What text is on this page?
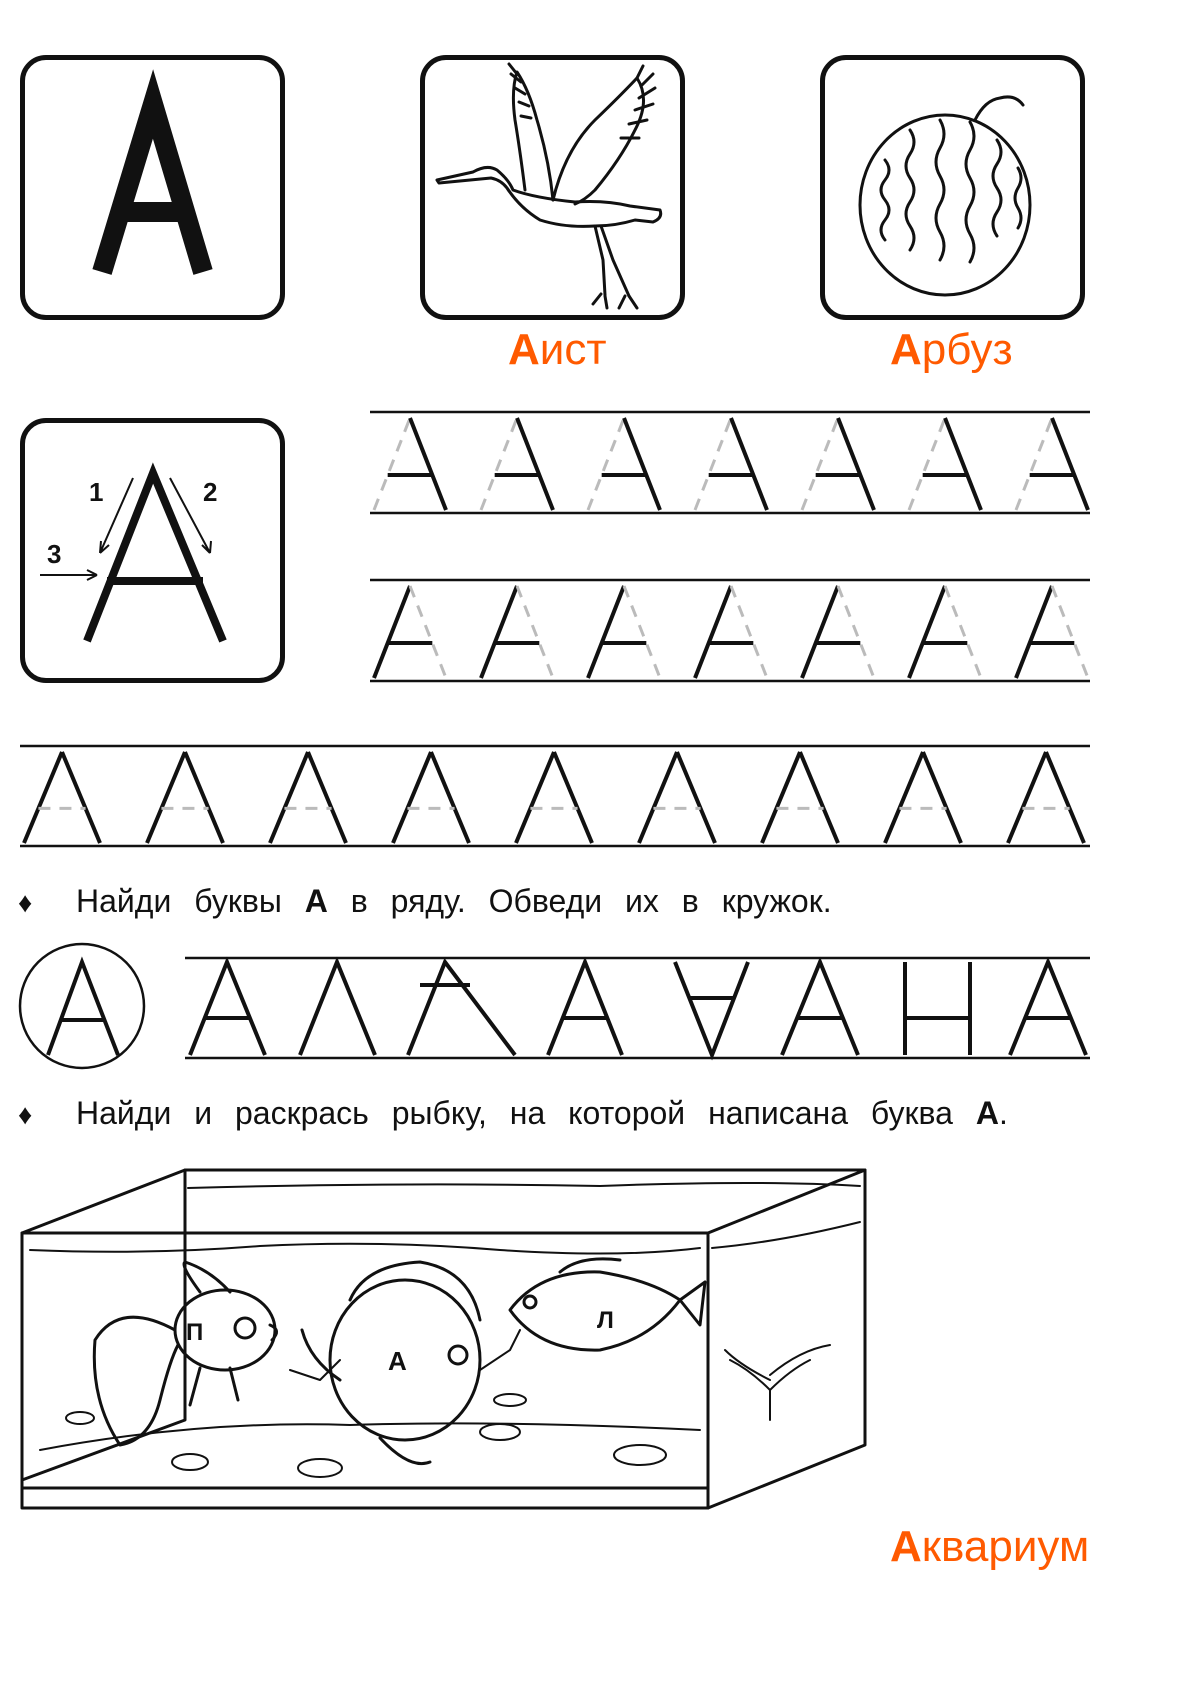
Аист	Арбуз
1	2
3
♦ Найди буквы А в ряду. Обведи их в кружок.
♦ Найди и раскрась рыбку, на которой написана буква А.
П
А
Л
Аквариум
